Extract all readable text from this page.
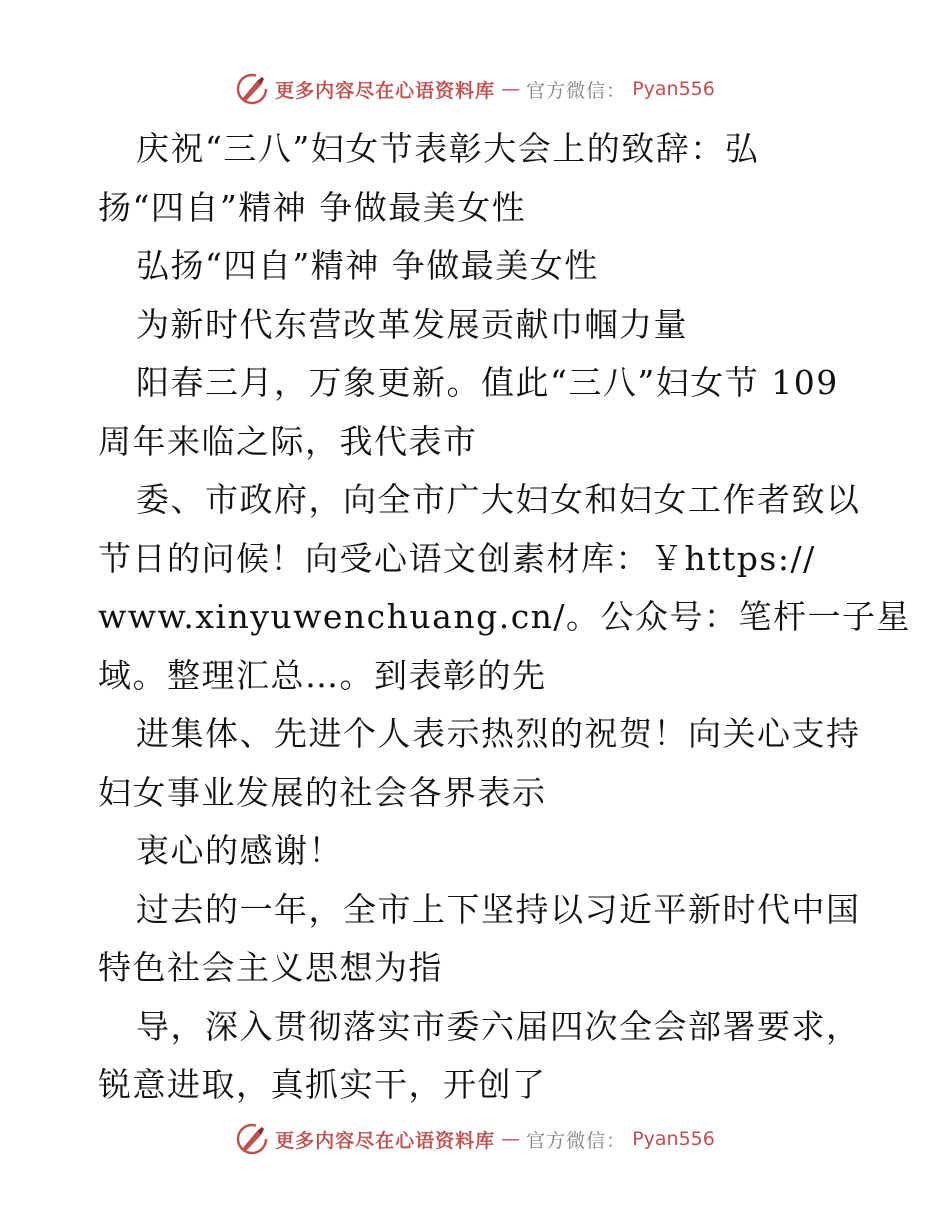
更多内容尽在心语资料库 — 官方微信： Pyan556
庆祝“三八”妇女节表彰大会上的致辞：弘
扬“四自”精神 争做最美女性
弘扬“四自”精神 争做最美女性
为新时代东营改革发展贡献巾帼力量
阳春三月，万象更新。值此“三八”妇女节 109
周年来临之际，我代表市
委、市政府，向全市广大妇女和妇女工作者致以
节日的问候！向受心语文创素材库：￥https://
www.xinyuwenchuang.cn/。公众号：笔杆一子星
域。整理汇总…。到表彰的先
进集体、先进个人表示热烈的祝贺！向关心支持
妇女事业发展的社会各界表示
衷心的感谢！
过去的一年，全市上下坚持以习近平新时代中国
特色社会主义思想为指
导，深入贯彻落实市委六届四次全会部署要求，
锐意进取，真抓实干，开创了
更多内容尽在心语资料库 — 官方微信： Pyan556
